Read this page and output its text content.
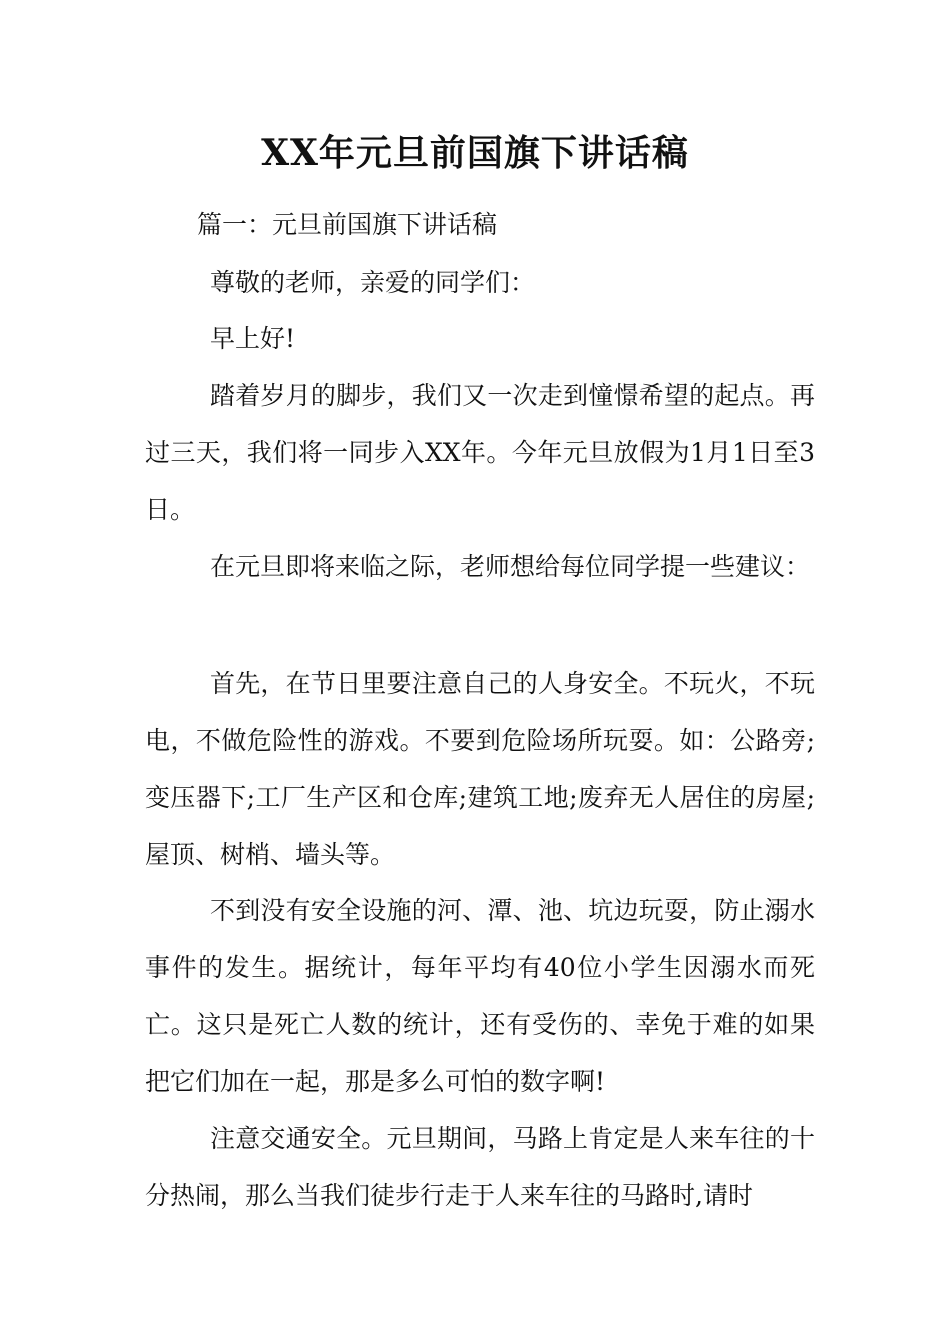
XX年元旦前国旗下讲话稿

篇一：元旦前国旗下讲话稿

尊敬的老师，亲爱的同学们：

早上好!

踏着岁月的脚步，我们又一次走到憧憬希望的起点。再过三天，我们将一同步入XX年。今年元旦放假为1月1日至3日。

在元旦即将来临之际，老师想给每位同学提一些建议：

首先，在节日里要注意自己的人身安全。不玩火，不玩电，不做危险性的游戏。不要到危险场所玩耍。如：公路旁;变压器下;工厂生产区和仓库;建筑工地;废弃无人居住的房屋;屋顶、树梢、墙头等。

不到没有安全设施的河、潭、池、坑边玩耍，防止溺水事件的发生。据统计，每年平均有40位小学生因溺水而死亡。这只是死亡人数的统计，还有受伤的、幸免于难的如果把它们加在一起，那是多么可怕的数字啊!

注意交通安全。元旦期间，马路上肯定是人来车往的十分热闹，那么当我们徒步行走于人来车往的马路时,请时
